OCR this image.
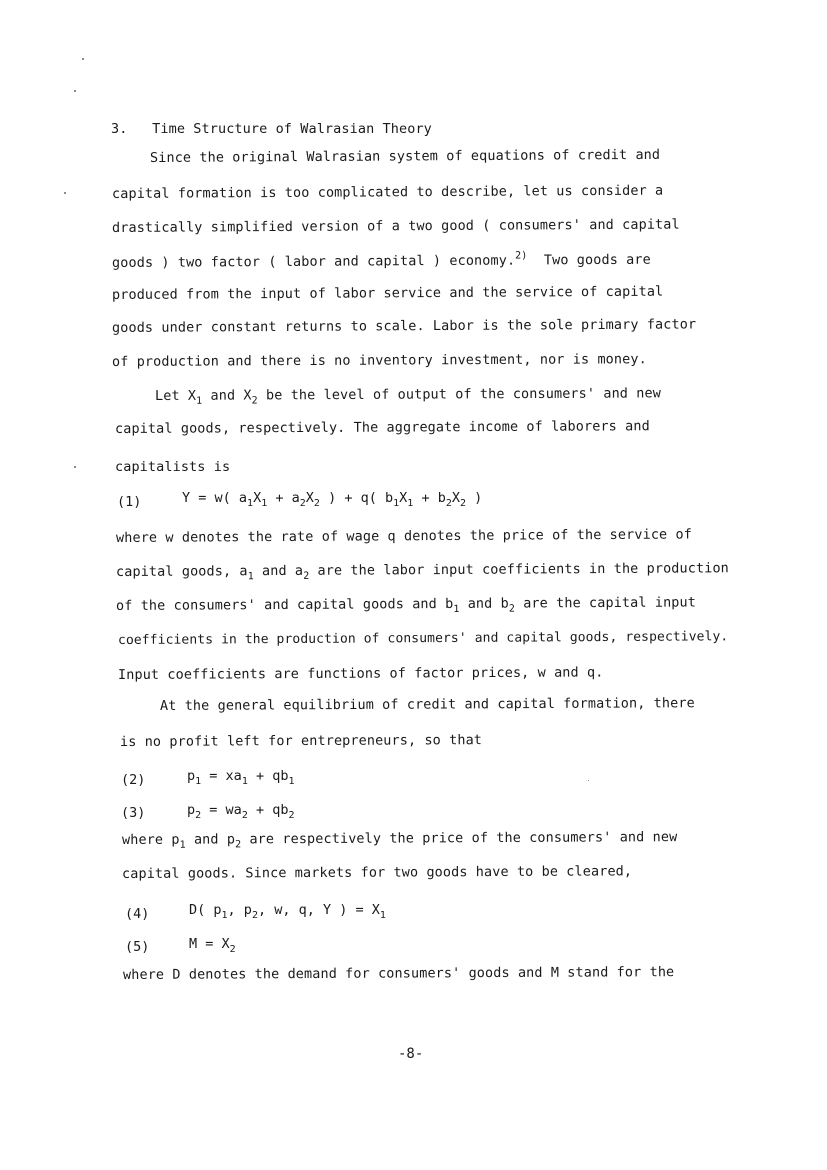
3. Time Structure of Walrasian Theory
Since the original Walrasian system of equations of credit and
capital formation is too complicated to describe, let us consider a
drastically simplified version of a two good ( consumers' and capital
goods ) two factor ( labor and capital ) economy.$^{2)}$ Two goods are
produced from the input of labor service and the service of capital
goods under constant returns to scale. Labor is the sole primary factor
of production and there is no inventory investment, nor is money.
Let $X_1$ and $X_2$ be the level of output of the consumers' and new
capital goods, respectively. The aggregate income of laborers and
capitalists is
(1)	Y = w( $a_1X_1 + a_2X_2$ ) + q( $b_1X_1 + b_2X_2$ )
where w denotes the rate of wage q denotes the price of the service of
capital goods, $a_1$ and $a_2$ are the labor input coefficients in the production
of the consumers' and capital goods and $b_1$ and $b_2$ are the capital input
coefficients in the production of consumers' and capital goods, respectively.
Input coefficients are functions of factor prices, w and q.
At the general equilibrium of credit and capital formation, there
is no profit left for entrepreneurs, so that
(2)	$p_1 = xa_1 + qb_1$
(3)	$p_2 = wa_2 + qb_2$
where $p_1$ and $p_2$ are respectively the price of the consumers' and new
capital goods. Since markets for two goods have to be cleared,
(4)	D( $p_1$, $p_2$, w, q, Y ) = $X_1$
(5)	$M = X_2$
where D denotes the demand for consumers' goods and M stand for the
-8-
